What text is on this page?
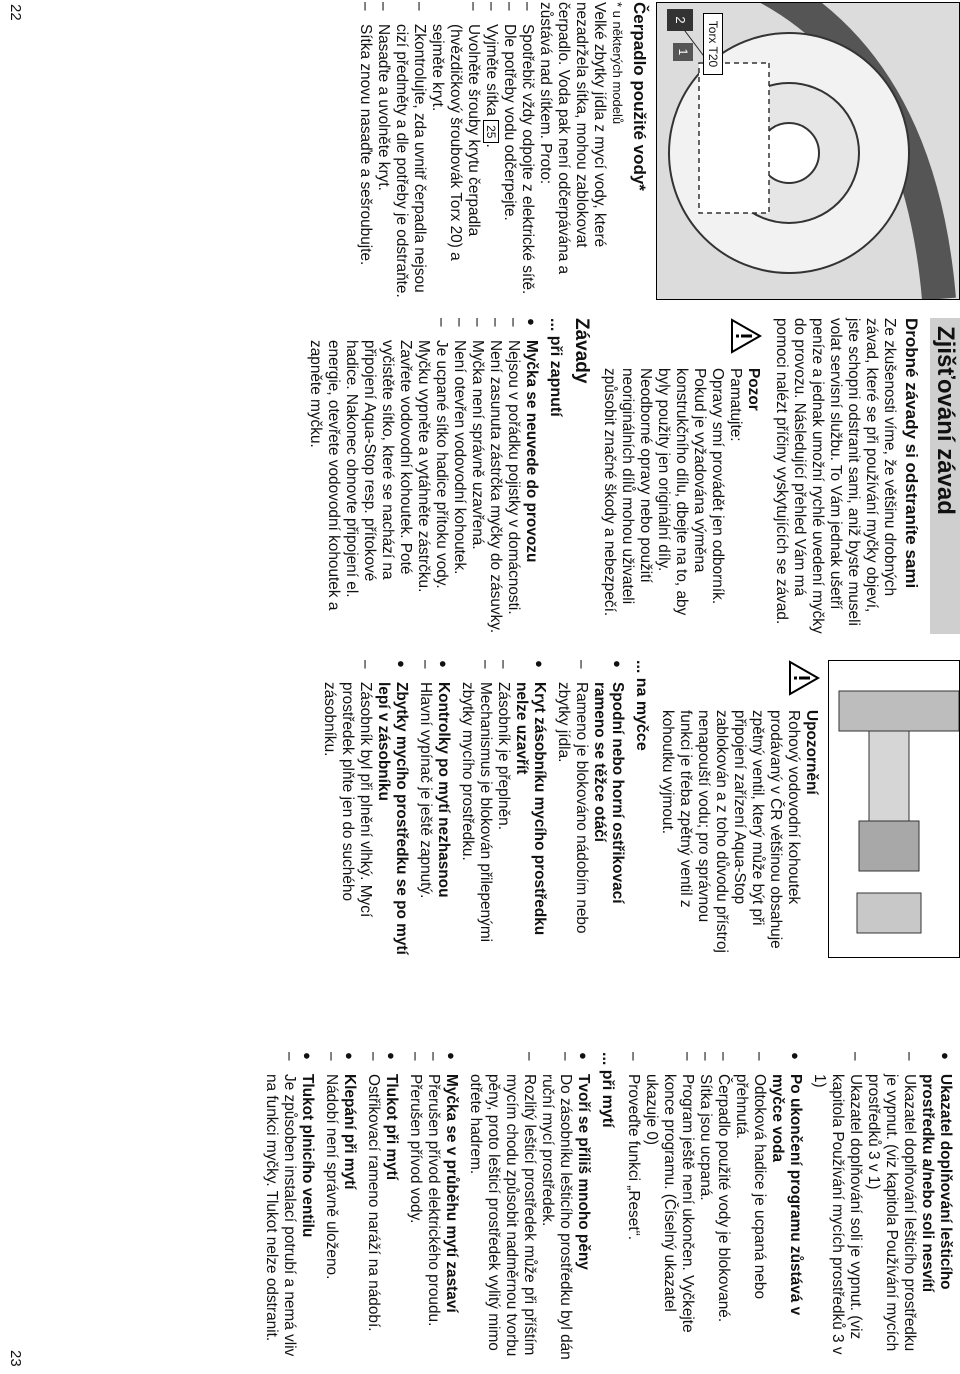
Torx T20
1
2
Čerpadlo použité vody*

* u některých modelů

Velké zbytky jídla z mycí vody, které nezadržela sítka, mohou zablokovat čerpadlo. Voda pak není odčerpávána a zůstává nad sítkem. Proto:

– Spotřebič vždy odpojte z elektrické sítě.
– Dle potřeby vodu odčerpejte.
– Vyjměte sítka 25.
– Uvolněte šrouby krytu čerpadla (hvězdičkový šroubovák Torx 20) a sejměte kryt.
– Zkontrolujte, zda uvnitř čerpadla nejsou cizí předměty a dle potřeby je odstraňte.
– Nasaďte a uvolněte kryt.
– Sítka znovu nasaďte a sešroubujte.
Zjišťování závad
Drobné závady si odstraníte sami

Ze zkušenosti víme, že většinu drobných závad, které se při používání myčky objeví, jste schopni odstranit sami, aniž byste museli volat servisní službu. To Vám jednak ušetří peníze a jednak umožní rychlé uvedení myčky do provozu. Následující přehled Vám má pomoci nalézt příčiny vyskytujících se závad.

Pozor

Pamatujte:

Opravy smí provádět jen odborník. Pokud je vyžadována výměna konstrukčního dílu, dbejte na to, aby byly použity jen originální díly. Neodborné opravy nebo použití neoriginálních dílů mohou uživateli způsobit značné škody a nebezpečí.

Závady
... při zapnutí
● Myčka se neuvede do provozu
– Nejsou v pořádku pojistky v domácnosti.
– Není zasunuta zástrčka myčky do zásuvky.
– Myčka není správně uzavřená.
– Není otevřen vodovodní kohoutek.
– Je ucpané sítko hadice přítoku vody. Myčku vypněte a vytáhněte zástrčku. Zavřete vodovodní kohoutek. Poté vyčistěte sítko, které se nachází na připojení Aqua-Stop resp. přítokové hadice. Nakonec obnovte připojení el. energie, otevřete vodovodní kohoutek a zapněte myčku.

Upozornění

Rohový vodovodní kohoutek prodávaný v ČR většinou obsahuje zpětný ventil, který může být při připojení zařízení Aqua-Stop zablokován a z toho důvodu přístroj nenapouští vodu; pro správnou funkci je třeba zpětný ventil z kohoutku vyjmout.

... na myčce
● Spodní nebo horní ostřikovací rameno se těžce otáčí
– Rameno je blokováno nádobím nebo zbytky jídla.
● Kryt zásobníku mycího prostředku nelze uzavřít
– Zásobník je přeplněn.
– Mechanismus je blokován přilepenými zbytky mycího prostředku.
● Kontrolky po mytí nezhasnou
– Hlavní vypínač je ještě zapnutý.
● Zbytky mycího prostředku se po mytí lepí v zásobníku
– Zásobník byl při plnění vlhký. Mycí prostředek plňte jen do suchého zásobníku.
● Ukazatel doplňování lešticího prostředku a/nebo soli nesvítí
– Ukazatel doplňování lešticího prostředku je vypnut. (viz kapitola Používání mycích prostředků 3 v 1)
– Ukazatel doplňování soli je vypnut. (viz kapitola Používání mycích prostředků 3 v 1)
● Po ukončení programu zůstává v myčce voda
– Odtoková hadice je ucpaná nebo přehnutá.
– Čerpadlo použité vody je blokované.
– Sítka jsou ucpaná.
– Program ještě není ukončen. Vyčkejte konce programu. (Číselný ukazatel ukazuje 0)
– Proveďte funkci „Reset“.
... při mytí
● Tvoří se příliš mnoho pěny
– Do zásobníku lešticího prostředku byl dán ruční mycí prostředek.
– Rozlitý lešticí prostředek může při příštím mycím chodu způsobit nadměrnou tvorbu pěny, proto lešticí prostředek vylitý mimo otřete hadrem.
● Myčka se v průběhu mytí zastaví
– Přerušen přívod elektrického proudu.
– Přerušen přívod vody.
● Tlukot při mytí
– Ostřikovací rameno naráží na nádobí.
● Klepání při mytí
– Nádobí není správně uloženo.
● Tlukot plnicího ventilu
– Je způsoben instalací potrubí a nemá vliv na funkci myčky. Tlukot nelze odstranit.
22
23
